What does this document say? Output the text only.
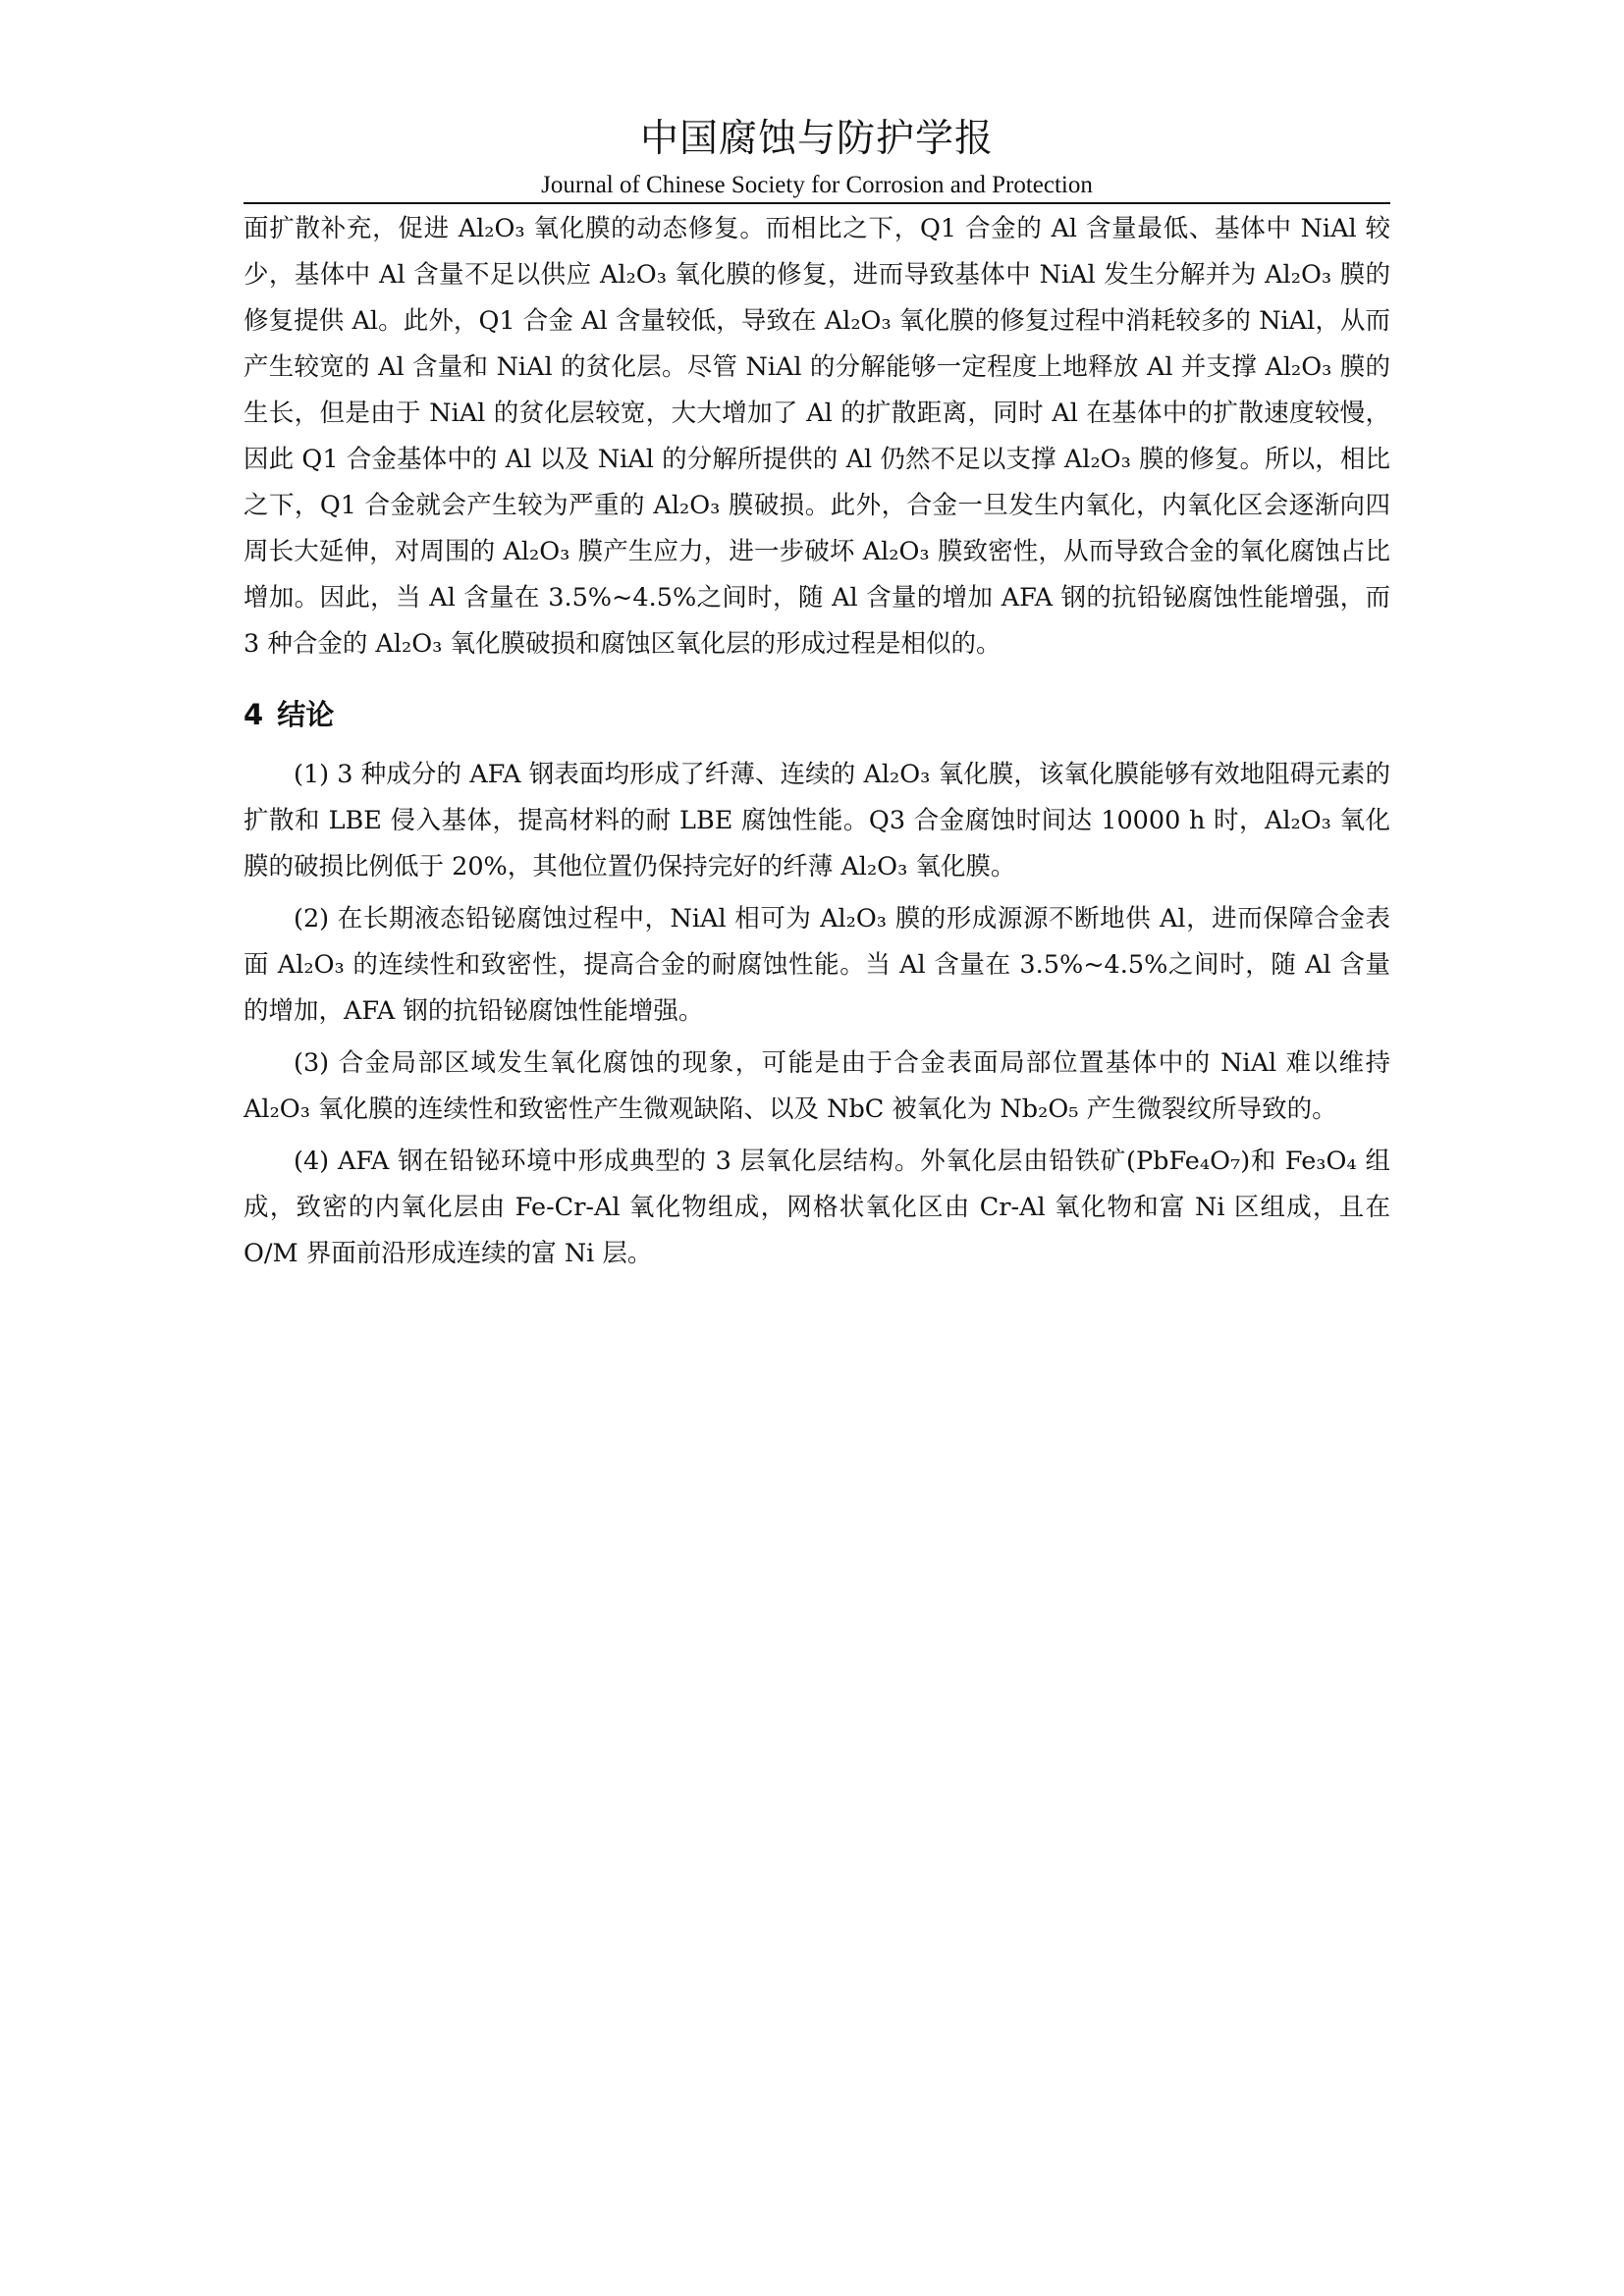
中国腐蚀与防护学报
Journal of Chinese Society for Corrosion and Protection

面扩散补充，促进 Al₂O₃ 氧化膜的动态修复。而相比之下，Q1 合金的 Al 含量最低、基体中 NiAl 较少，基体中 Al 含量不足以供应 Al₂O₃ 氧化膜的修复，进而导致基体中 NiAl 发生分解并为 Al₂O₃ 膜的修复提供 Al。此外，Q1 合金 Al 含量较低，导致在 Al₂O₃ 氧化膜的修复过程中消耗较多的 NiAl，从而产生较宽的 Al 含量和 NiAl 的贫化层。尽管 NiAl 的分解能够一定程度上地释放 Al 并支撑 Al₂O₃ 膜的生长，但是由于 NiAl 的贫化层较宽，大大增加了 Al 的扩散距离，同时 Al 在基体中的扩散速度较慢，因此 Q1 合金基体中的 Al 以及 NiAl 的分解所提供的 Al 仍然不足以支撑 Al₂O₃ 膜的修复。所以，相比之下，Q1 合金就会产生较为严重的 Al₂O₃ 膜破损。此外，合金一旦发生内氧化，内氧化区会逐渐向四周长大延伸，对周围的 Al₂O₃ 膜产生应力，进一步破坏 Al₂O₃ 膜致密性，从而导致合金的氧化腐蚀占比增加。因此，当 Al 含量在 3.5%~4.5%之间时，随 Al 含量的增加 AFA 钢的抗铅铋腐蚀性能增强，而 3 种合金的 Al₂O₃ 氧化膜破损和腐蚀区氧化层的形成过程是相似的。

4 结论

(1) 3 种成分的 AFA 钢表面均形成了纤薄、连续的 Al₂O₃ 氧化膜，该氧化膜能够有效地阻碍元素的扩散和 LBE 侵入基体，提高材料的耐 LBE 腐蚀性能。Q3 合金腐蚀时间达 10000 h 时，Al₂O₃ 氧化膜的破损比例低于 20%，其他位置仍保持完好的纤薄 Al₂O₃ 氧化膜。

(2) 在长期液态铅铋腐蚀过程中，NiAl 相可为 Al₂O₃ 膜的形成源源不断地供 Al，进而保障合金表面 Al₂O₃ 的连续性和致密性，提高合金的耐腐蚀性能。当 Al 含量在 3.5%~4.5%之间时，随 Al 含量的增加，AFA 钢的抗铅铋腐蚀性能增强。

(3) 合金局部区域发生氧化腐蚀的现象，可能是由于合金表面局部位置基体中的 NiAl 难以维持 Al₂O₃ 氧化膜的连续性和致密性产生微观缺陷、以及 NbC 被氧化为 Nb₂O₅ 产生微裂纹所导致的。

(4) AFA 钢在铅铋环境中形成典型的 3 层氧化层结构。外氧化层由铅铁矿(PbFe₄O₇)和 Fe₃O₄ 组成，致密的内氧化层由 Fe-Cr-Al 氧化物组成，网格状氧化区由 Cr-Al 氧化物和富 Ni 区组成，且在 O/M 界面前沿形成连续的富 Ni 层。
